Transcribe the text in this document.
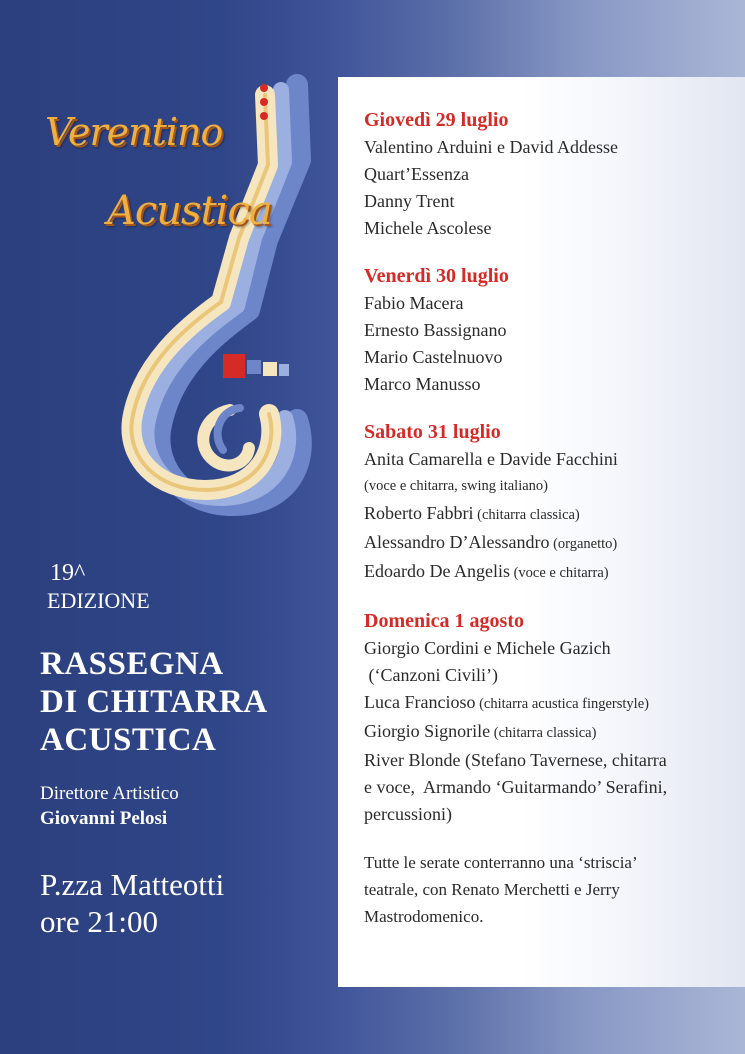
Verentino
Acustica
19^
EDIZIONE
RASSEGNA
DI CHITARRA
ACUSTICA
Direttore Artistico
Giovanni Pelosi
P.zza Matteotti
ore 21:00
Giovedì 29 luglio
Valentino Arduini e David Addesse
Quart’Essenza
Danny Trent
Michele Ascolese
Venerdì 30 luglio
Fabio Macera
Ernesto Bassignano
Mario Castelnuovo
Marco Manusso
Sabato 31 luglio
Anita Camarella e Davide Facchini
(voce e chitarra, swing italiano)
Roberto Fabbri (chitarra classica)
Alessandro D’Alessandro (organetto)
Edoardo De Angelis (voce e chitarra)
Domenica 1 agosto
Giorgio Cordini e Michele Gazich
(‘Canzoni Civili’)
Luca Francioso (chitarra acustica fingerstyle)
Giorgio Signorile (chitarra classica)
River Blonde (Stefano Tavernese, chitarra
e voce,  Armando ‘Guitarmando’ Serafini,
percussioni)
Tutte le serate conterranno una ‘striscia’
teatrale, con Renato Merchetti e Jerry
Mastrodomenico.
